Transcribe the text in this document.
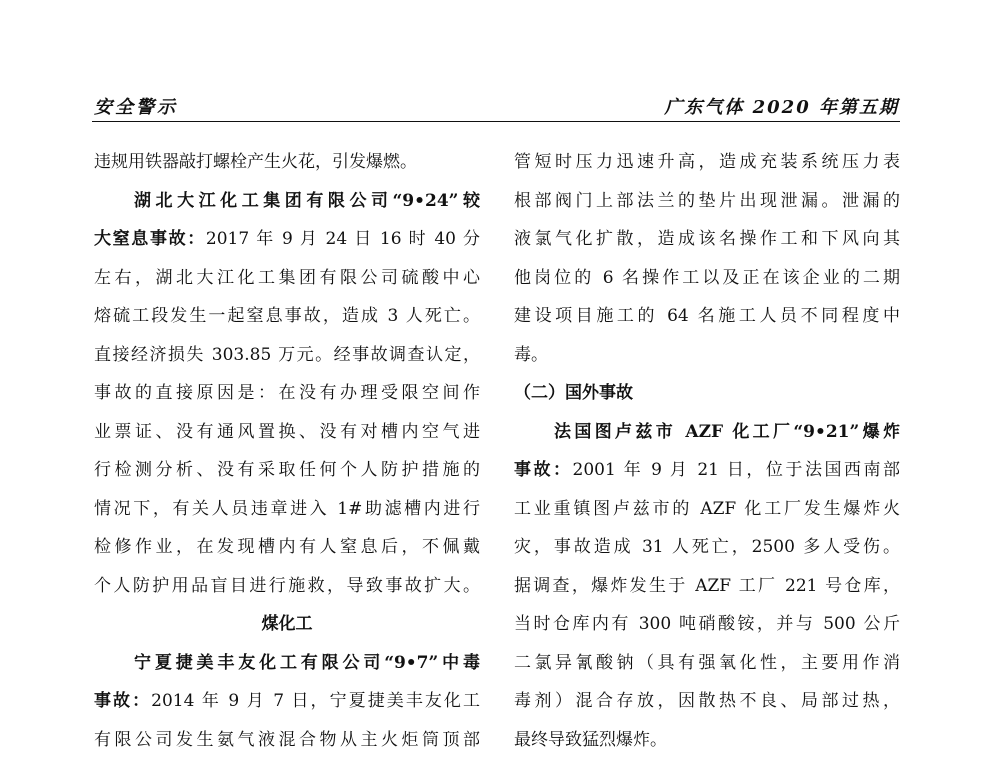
安全警示	广东气体 2020 年第五期
违规用铁器敲打螺栓产生火花，引发爆燃。
湖北大江化工集团有限公司“9•24”较
大窒息事故：2017 年 9 月 24 日 16 时 40 分
左右，湖北大江化工集团有限公司硫酸中心
熔硫工段发生一起窒息事故，造成 3 人死亡。
直接经济损失 303.85 万元。经事故调查认定，
事故的直接原因是：在没有办理受限空间作
业票证、没有通风置换、没有对槽内空气进
行检测分析、没有采取任何个人防护措施的
情况下，有关人员违章进入 1#助滤槽内进行
检修作业，在发现槽内有人窒息后，不佩戴
个人防护用品盲目进行施救，导致事故扩大。
煤化工
宁夏捷美丰友化工有限公司“9•7”中毒
事故：2014 年 9 月 7 日，宁夏捷美丰友化工
有限公司发生氨气液混合物从主火炬筒顶部
管短时压力迅速升高，造成充装系统压力表
根部阀门上部法兰的垫片出现泄漏。泄漏的
液氯气化扩散，造成该名操作工和下风向其
他岗位的 6 名操作工以及正在该企业的二期
建设项目施工的 64 名施工人员不同程度中
毒。
（二）国外事故
法国图卢兹市 AZF 化工厂“9•21”爆炸
事故：2001 年 9 月 21 日，位于法国西南部
工业重镇图卢兹市的 AZF 化工厂发生爆炸火
灾，事故造成 31 人死亡，2500 多人受伤。
据调查，爆炸发生于 AZF 工厂 221 号仓库，
当时仓库内有 300 吨硝酸铵，并与 500 公斤
二氯异氰酸钠（具有强氧化性，主要用作消
毒剂）混合存放，因散热不良、局部过热，
最终导致猛烈爆炸。
